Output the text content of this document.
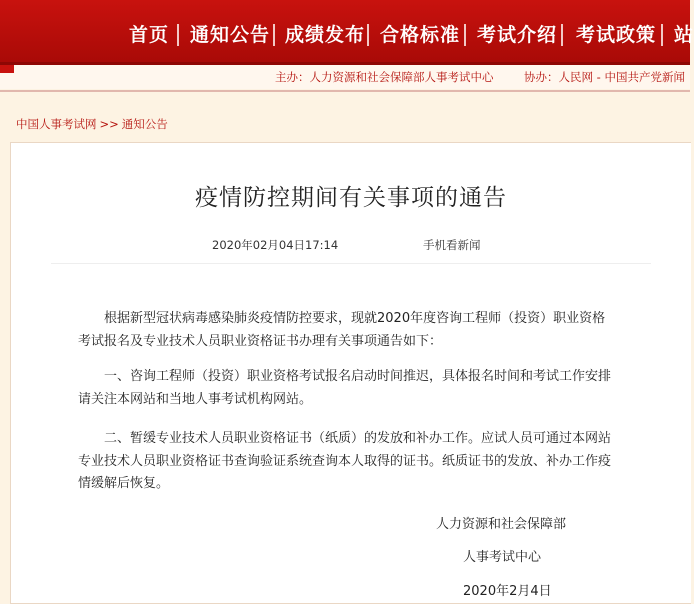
首页 通知公告 成绩发布 合格标准 考试介绍 考试政策 站
主办：人力资源和社会保障部人事考试中心	协办：人民网 - 中国共产党新闻
中国人事考试网 >> 通知公告
疫情防控期间有关事项的通告
2020年02月04日17:14	手机看新闻

根据新型冠状病毒感染肺炎疫情防控要求，现就2020年度咨询工程师（投资）职业资格考试报名及专业技术人员职业资格证书办理有关事项通告如下：

一、咨询工程师（投资）职业资格考试报名启动时间推迟，具体报名时间和考试工作安排请关注本网站和当地人事考试机构网站。

二、暂缓专业技术人员职业资格证书（纸质）的发放和补办工作。应试人员可通过本网站专业技术人员职业资格证书查询验证系统查询本人取得的证书。纸质证书的发放、补办工作疫情缓解后恢复。

人力资源和社会保障部
人事考试中心
2020年2月4日
